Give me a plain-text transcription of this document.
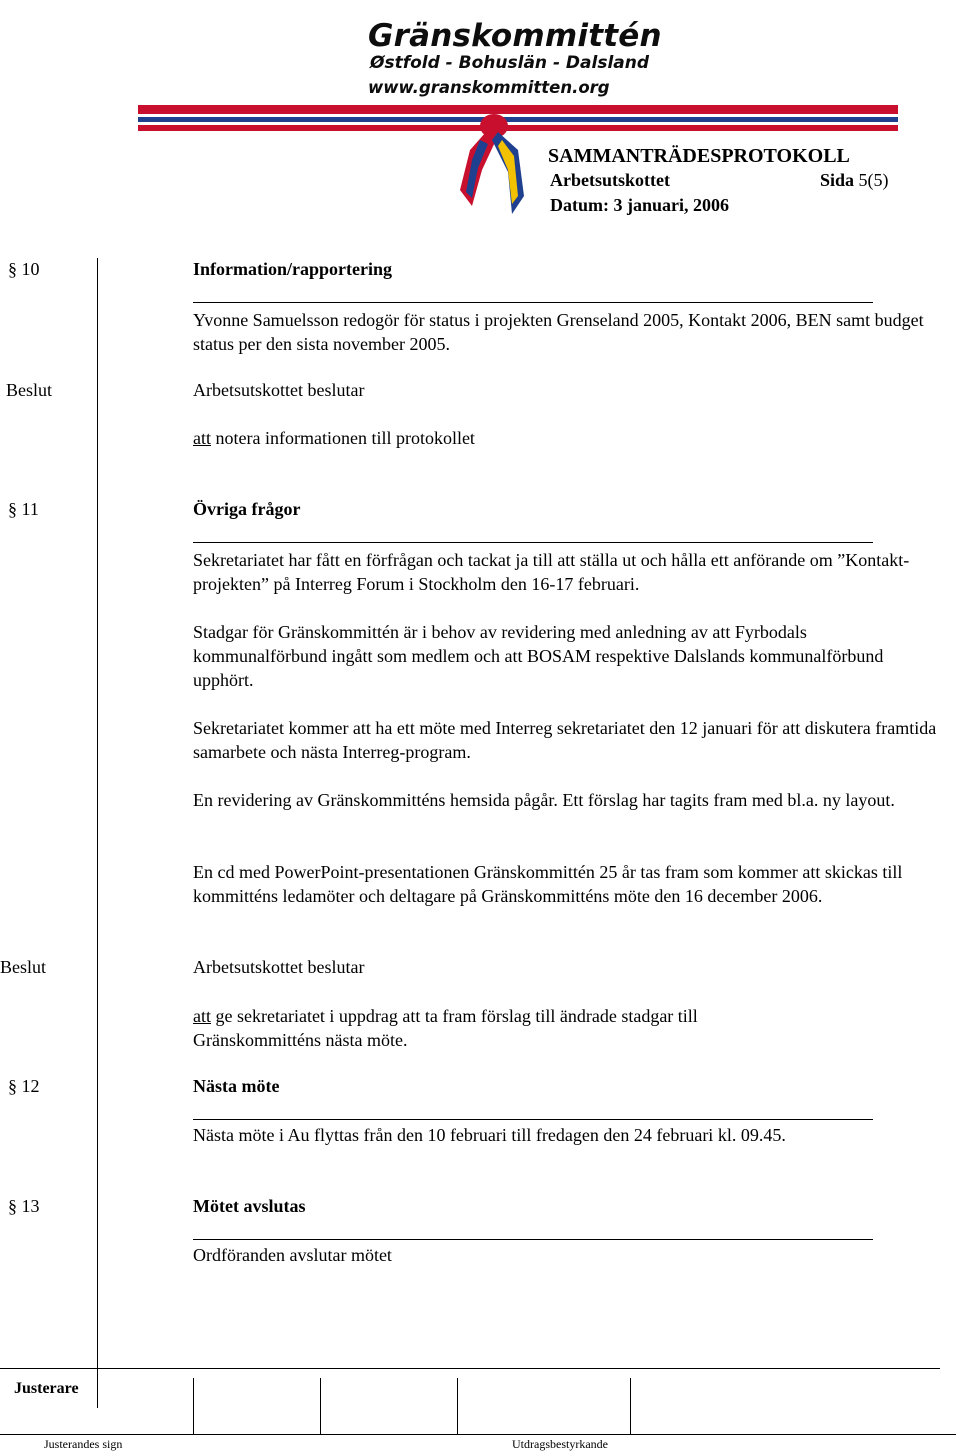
Gränskommittén
Østfold - Bohuslän - Dalsland
www.granskommitten.org
SAMMANTRÄDESPROTOKOLL
Arbetsutskottet	Sida 5(5)
Datum: 3 januari, 2006
§ 10	Information/rapportering
Yvonne Samuelsson redogör för status i projekten Grenseland 2005, Kontakt 2006, BEN samt budget status per den sista november 2005.
Beslut	Arbetsutskottet beslutar
att notera informationen till protokollet
§ 11	Övriga frågor
Sekretariatet har fått en förfrågan och tackat ja till att ställa ut och hålla ett anförande om ”Kontakt-projekten” på Interreg Forum i Stockholm den 16-17 februari.
Stadgar för Gränskommittén är i behov av revidering med anledning av att Fyrbodals kommunalförbund ingått som medlem och att BOSAM respektive Dalslands kommunalförbund upphört.
Sekretariatet kommer att ha ett möte med Interreg sekretariatet den 12 januari för att diskutera framtida samarbete och nästa Interreg-program.
En revidering av Gränskommitténs hemsida pågår. Ett förslag har tagits fram med bl.a. ny layout.
En cd med PowerPoint-presentationen Gränskommittén 25 år tas fram som kommer att skickas till kommitténs ledamöter och deltagare på Gränskommitténs möte den 16 december 2006.
Beslut	Arbetsutskottet beslutar
att ge sekretariatet i uppdrag att ta fram förslag till ändrade stadgar till Gränskommitténs nästa möte.
§ 12	Nästa möte
Nästa möte i Au flyttas från den 10 februari till fredagen den 24 februari kl. 09.45.
§ 13	Mötet avslutas
Ordföranden avslutar mötet
Justerare
Justerandes sign	Utdragsbestyrkande
